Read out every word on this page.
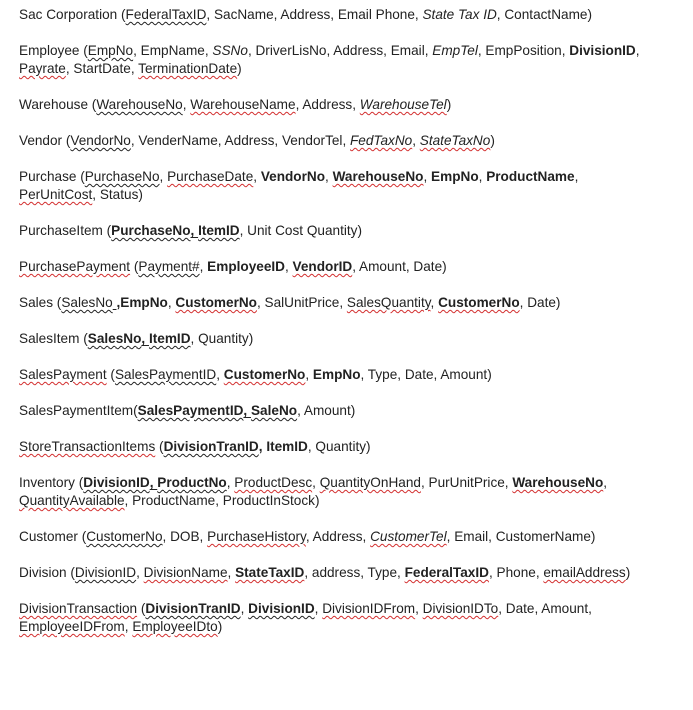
Sac Corporation (FederalTaxID, SacName, Address, Email Phone, State Tax ID, ContactName)

Employee (EmpNo, EmpName, SSNo, DriverLisNo, Address, Email, EmpTel, EmpPosition, DivisionID, Payrate, StartDate, TerminationDate)

Warehouse (WarehouseNo, WarehouseName, Address, WarehouseTel)

Vendor (VendorNo, VenderName, Address, VendorTel, FedTaxNo, StateTaxNo)

Purchase (PurchaseNo, PurchaseDate, VendorNo, WarehouseNo, EmpNo, ProductName, PerUnitCost, Status)

PurchaseItem (PurchaseNo, ItemID, Unit Cost Quantity)

PurchasePayment (Payment#, EmployeeID, VendorID, Amount, Date)

Sales (SalesNo ,EmpNo, CustomerNo, SalUnitPrice, SalesQuantity, CustomerNo, Date)

SalesItem (SalesNo, ItemID, Quantity)

SalesPayment (SalesPaymentID, CustomerNo, EmpNo, Type, Date, Amount)

SalesPaymentItem(SalesPaymentID, SaleNo, Amount)

StoreTransactionItems (DivisionTranID, ItemID, Quantity)

Inventory (DivisionID, ProductNo, ProductDesc, QuantityOnHand, PurUnitPrice, WarehouseNo, QuantityAvailable, ProductName, ProductInStock)

Customer (CustomerNo, DOB, PurchaseHistory, Address, CustomerTel, Email, CustomerName)

Division (DivisionID, DivisionName, StateTaxID, address, Type, FederalTaxID, Phone, emailAddress)

DivisionTransaction (DivisionTranID, DivisionID, DivisionIDFrom, DivisionIDTo, Date, Amount, EmployeeIDFrom, EmployeeIDto)
